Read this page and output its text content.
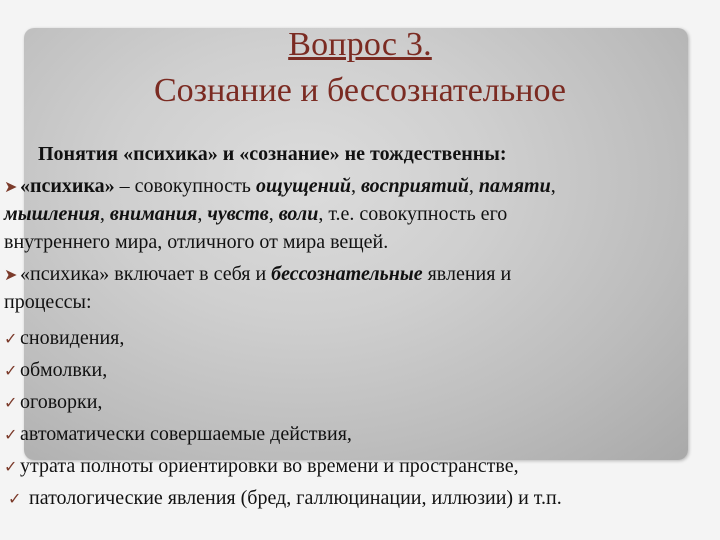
Вопрос 3.
Сознание и бессознательное
Понятия «психика» и «сознание» не тождественны:
➤ «психика» – совокупность ощущений, восприятий, памяти,
мышления, внимания, чувств, воли, т.е. совокупность его
внутреннего мира, отличного от мира вещей.
➤ «психика» включает в себя и бессознательные явления и
процессы:
✓ сновидения,
✓ обмолвки,
✓ оговорки,
✓ автоматически совершаемые действия,
✓ утрата полноты ориентировки во времени и пространстве,
✓ патологические явления (бред, галлюцинации, иллюзии) и т.п.
